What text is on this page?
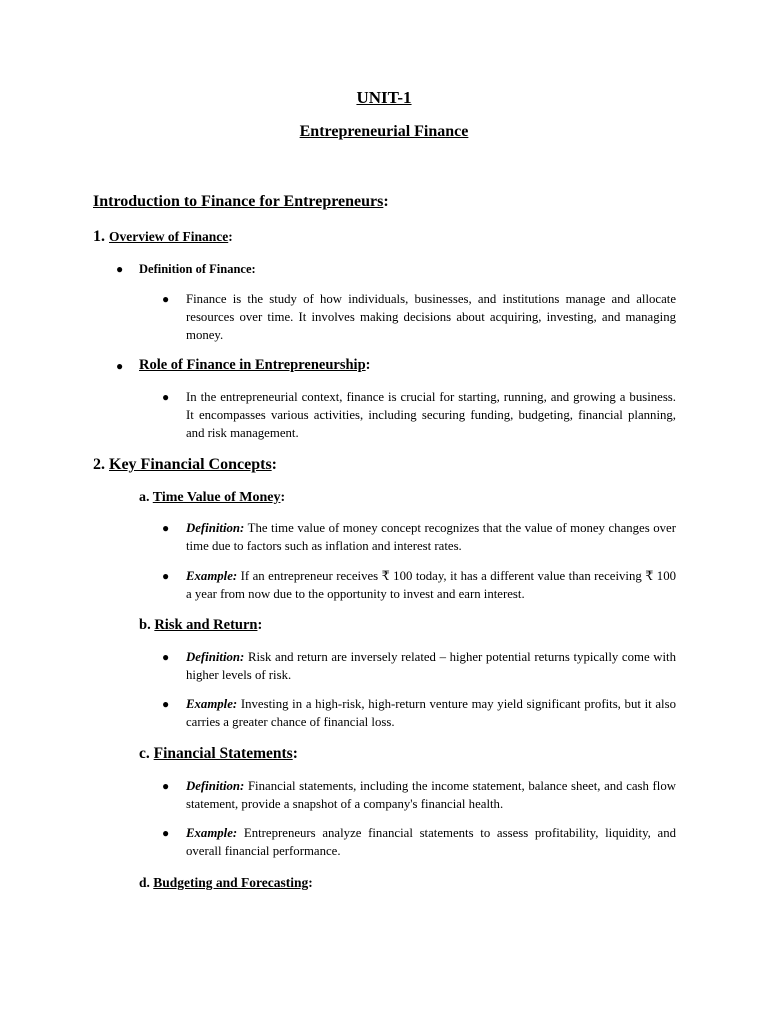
UNIT-1
Entrepreneurial Finance
Introduction to Finance for Entrepreneurs:
1. Overview of Finance:
● Definition of Finance:
● Finance is the study of how individuals, businesses, and institutions manage and allocate resources over time. It involves making decisions about acquiring, investing, and managing money.
● Role of Finance in Entrepreneurship:
● In the entrepreneurial context, finance is crucial for starting, running, and growing a business. It encompasses various activities, including securing funding, budgeting, financial planning, and risk management.
2. Key Financial Concepts:
a. Time Value of Money:
● Definition: The time value of money concept recognizes that the value of money changes over time due to factors such as inflation and interest rates.
● Example: If an entrepreneur receives ₹ 100 today, it has a different value than receiving ₹ 100 a year from now due to the opportunity to invest and earn interest.
b. Risk and Return:
● Definition: Risk and return are inversely related – higher potential returns typically come with higher levels of risk.
● Example: Investing in a high-risk, high-return venture may yield significant profits, but it also carries a greater chance of financial loss.
c. Financial Statements:
● Definition: Financial statements, including the income statement, balance sheet, and cash flow statement, provide a snapshot of a company's financial health.
● Example: Entrepreneurs analyze financial statements to assess profitability, liquidity, and overall financial performance.
d. Budgeting and Forecasting:
